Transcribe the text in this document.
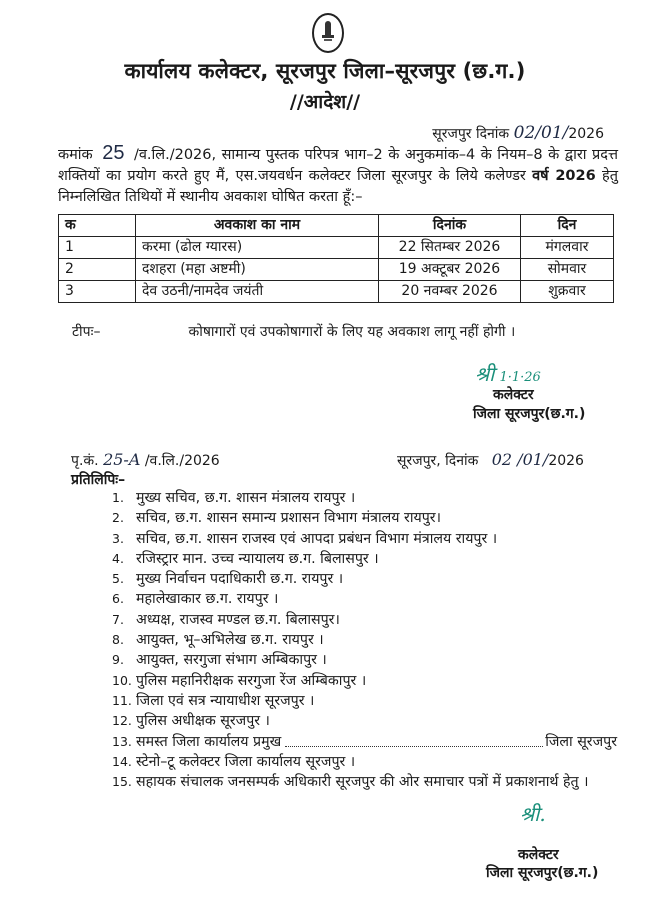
कार्यालय कलेक्टर, सूरजपुर जिला–सूरजपुर (छ.ग.)
//आदेश//
सूरजपुर दिनांक 02/01/2026
कमांक 25 /व.लि./2026, सामान्य पुस्तक परिपत्र भाग–2 के अनुकमांक–4 के नियम–8 के द्वारा प्रदत्त शक्तियों का प्रयोग करते हुए मैं, एस.जयवर्धन कलेक्टर जिला सूरजपुर के लिये कलेण्डर वर्ष 2026 हेतु निम्नलिखित तिथियों में स्थानीय अवकाश घोषित करता हूँ:–
क	अवकाश का नाम	दिनांक	दिन
1	करमा (ढोल ग्यारस)	22 सितम्बर 2026	मंगलवार
2	दशहरा (महा अष्टमी)	19 अक्टूबर 2026	सोमवार
3	देव उठनी/नामदेव जयंती	20 नवम्बर 2026	शुक्रवार
टीपः–	कोषागारों एवं उपकोषागारों के लिए यह अवकाश लागू नहीं होगी ।
श्री 1·1·26
कलेक्टर
जिला सूरजपुर(छ.ग.)
पृ.कं. 25-A /व.लि./2026	सूरजपुर, दिनांक 02 /01/2026
प्रतिलिपिः–
1. मुख्य सचिव, छ.ग. शासन मंत्रालय रायपुर ।
2. सचिव, छ.ग. शासन समान्य प्रशासन विभाग मंत्रालय रायपुर।
3. सचिव, छ.ग. शासन राजस्व एवं आपदा प्रबंधन विभाग मंत्रालय रायपुर ।
4. रजिस्ट्रार मान. उच्च न्यायालय छ.ग. बिलासपुर ।
5. मुख्य निर्वाचन पदाधिकारी छ.ग. रायपुर ।
6. महालेखाकार छ.ग. रायपुर ।
7. अध्यक्ष, राजस्व मण्डल छ.ग. बिलासपुर।
8. आयुक्त, भू–अभिलेख छ.ग. रायपुर ।
9. आयुक्त, सरगुजा संभाग अम्बिकापुर ।
10. पुलिस महानिरीक्षक सरगुजा रेंज अम्बिकापुर ।
11. जिला एवं सत्र न्यायाधीश सूरजपुर ।
12. पुलिस अधीक्षक सूरजपुर ।
13. समस्त जिला कार्यालय प्रमुख	जिला सूरजपुर
14. स्टेनो–टू कलेक्टर जिला कार्यालय सूरजपुर ।
15. सहायक संचालक जनसम्पर्क अधिकारी सूरजपुर की ओर समाचार पत्रों में प्रकाशनार्थ हेतु ।
श्री.
कलेक्टर
जिला सूरजपुर(छ.ग.)
